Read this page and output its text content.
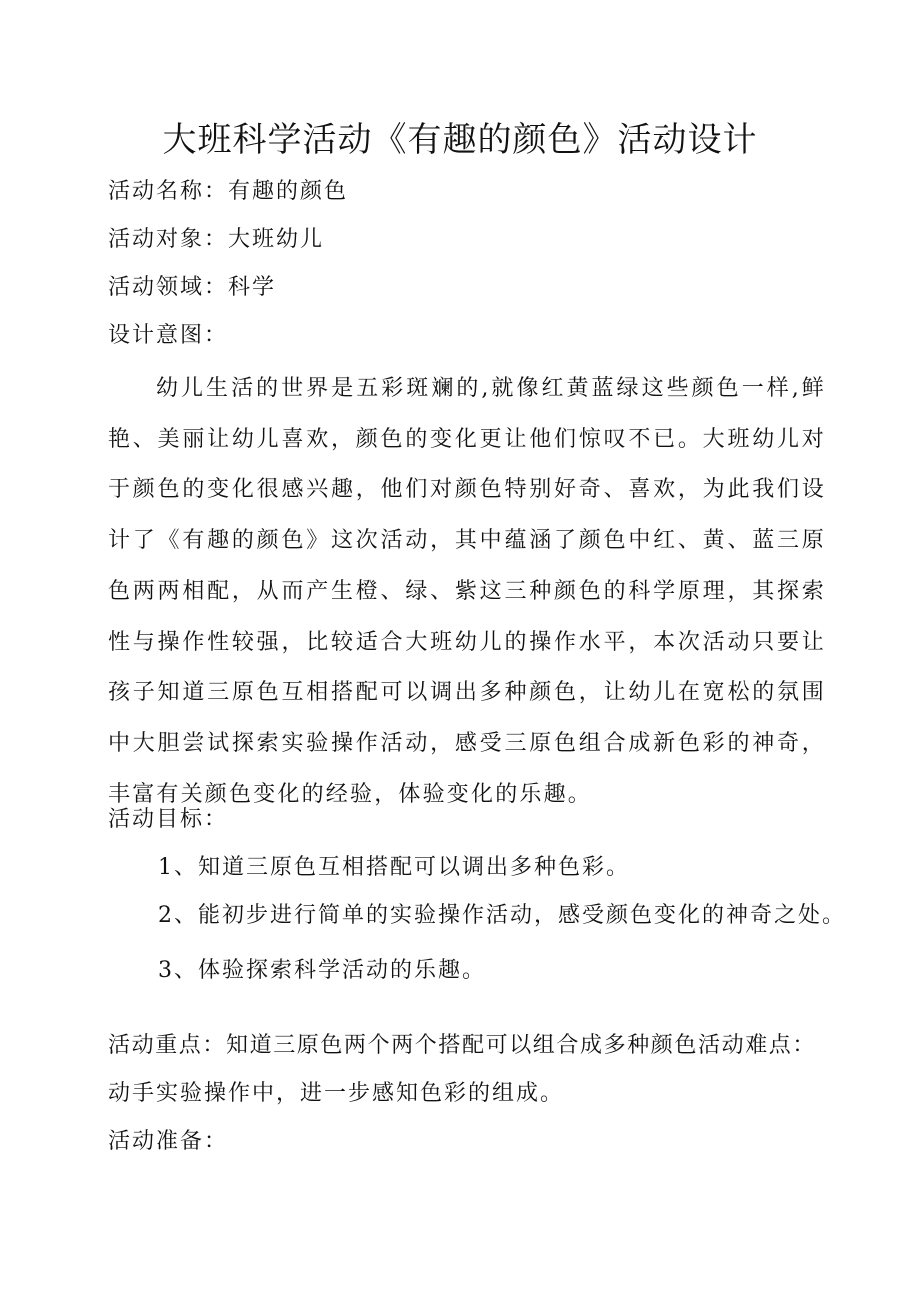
大班科学活动《有趣的颜色》活动设计
活动名称：有趣的颜色
活动对象：大班幼儿
活动领域：科学
设计意图：

幼儿生活的世界是五彩斑斓的,就像红黄蓝绿这些颜色一样,鲜艳、美丽让幼儿喜欢，颜色的变化更让他们惊叹不已。大班幼儿对于颜色的变化很感兴趣，他们对颜色特别好奇、喜欢，为此我们设计了《有趣的颜色》这次活动，其中蕴涵了颜色中红、黄、蓝三原色两两相配，从而产生橙、绿、紫这三种颜色的科学原理，其探索性与操作性较强，比较适合大班幼儿的操作水平，本次活动只要让孩子知道三原色互相搭配可以调出多种颜色，让幼儿在宽松的氛围中大胆尝试探索实验操作活动，感受三原色组合成新色彩的神奇，丰富有关颜色变化的经验，体验变化的乐趣。

活动目标：
1、知道三原色互相搭配可以调出多种色彩。
2、能初步进行简单的实验操作活动，感受颜色变化的神奇之处。
3、体验探索科学活动的乐趣。
活动重点：知道三原色两个两个搭配可以组合成多种颜色活动难点：
动手实验操作中，进一步感知色彩的组成。
活动准备：
